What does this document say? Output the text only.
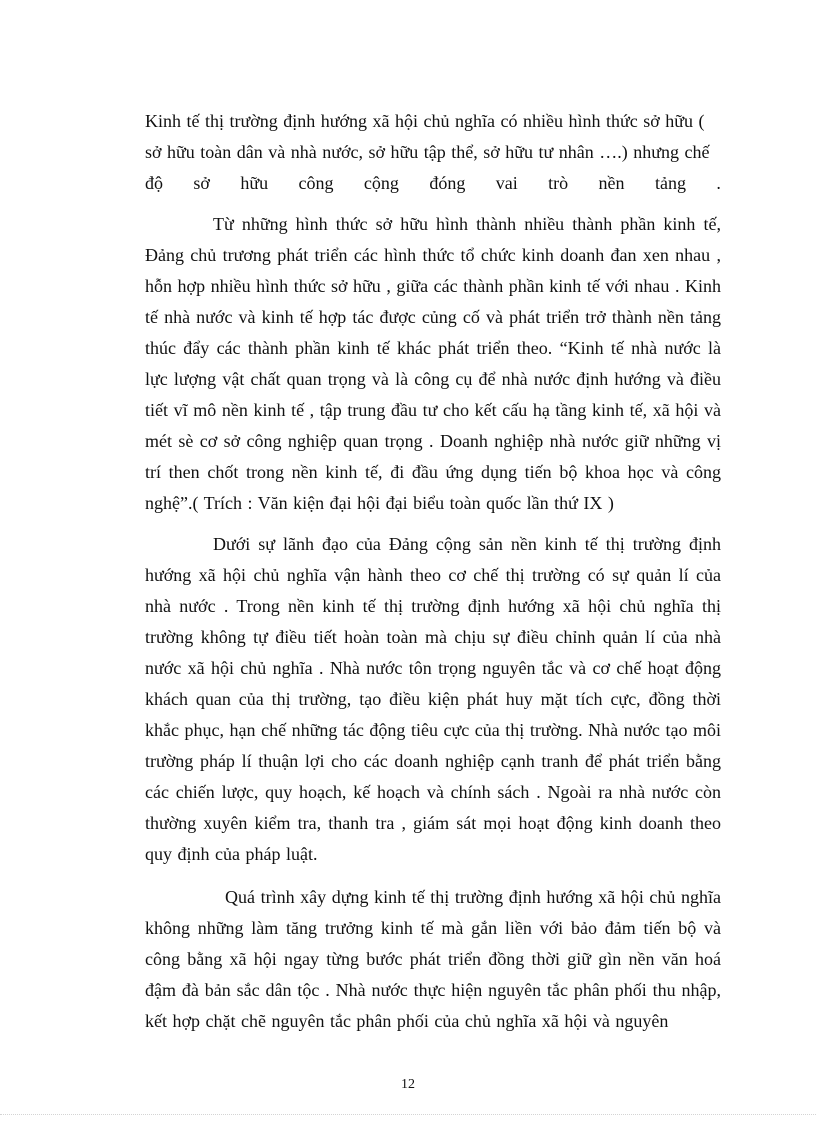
Kinh tế thị trường định hướng xã hội chủ nghĩa có nhiều hình thức sở hữu (

sở hữu toàn dân và nhà nước, sở hữu tập thể, sở hữu tư nhân ….) nhưng chế

độ sở hữu công cộng đóng vai trò nền tảng .

Từ những hình thức sở hữu hình thành nhiều thành phần kinh tế, Đảng chủ trương phát triển các hình thức tổ chức kinh doanh đan xen nhau , hỗn hợp nhiều hình thức sở hữu , giữa các thành phần kinh tế với nhau . Kinh tế nhà nước và kinh tế hợp tác được củng cố và phát triển trở thành nền tảng thúc đẩy các thành phần kinh tế khác phát triển theo. “Kinh tế nhà nước là lực lượng vật chất quan trọng và là công cụ để nhà nước định hướng và điều tiết vĩ mô nền kinh tế , tập trung đầu tư cho kết cấu hạ tầng kinh tế, xã hội và mét sè cơ sở công nghiệp quan trọng . Doanh nghiệp nhà nước giữ những vị trí then chốt trong nền kinh tế, đi đầu ứng dụng tiến bộ khoa học và công nghệ”.( Trích : Văn kiện đại hội đại biểu toàn quốc lần thứ IX )

Dưới sự lãnh đạo của Đảng cộng sản nền kinh tế thị trường định hướng xã hội chủ nghĩa vận hành theo cơ chế thị trường có sự quản lí của nhà nước . Trong nền kinh tế thị trường định hướng xã hội chủ nghĩa thị trường không tự điều tiết hoàn toàn mà chịu sự điều chỉnh quản lí của nhà nước xã hội chủ nghĩa . Nhà nước tôn trọng nguyên tắc và cơ chế hoạt động khách quan của thị trường, tạo điều kiện phát huy mặt tích cực, đồng thời khắc phục, hạn chế những tác động tiêu cực của thị trường. Nhà nước tạo môi trường pháp lí thuận lợi cho các doanh nghiệp cạnh tranh để phát triển bằng các chiến lược, quy hoạch, kế hoạch và chính sách . Ngoài ra nhà nước còn thường xuyên kiểm tra, thanh tra , giám sát mọi hoạt động kinh doanh theo quy định của pháp luật.

Quá trình xây dựng kinh tế thị trường định hướng xã hội chủ nghĩa không những làm tăng trưởng kinh tế mà gắn liền với bảo đảm tiến bộ và công bằng xã hội ngay từng bước phát triển đồng thời giữ gìn nền văn hoá đậm đà bản sắc dân tộc . Nhà nước thực hiện nguyên tắc phân phối thu nhập, kết hợp chặt chẽ nguyên tắc phân phối của chủ nghĩa xã hội và nguyên

12
